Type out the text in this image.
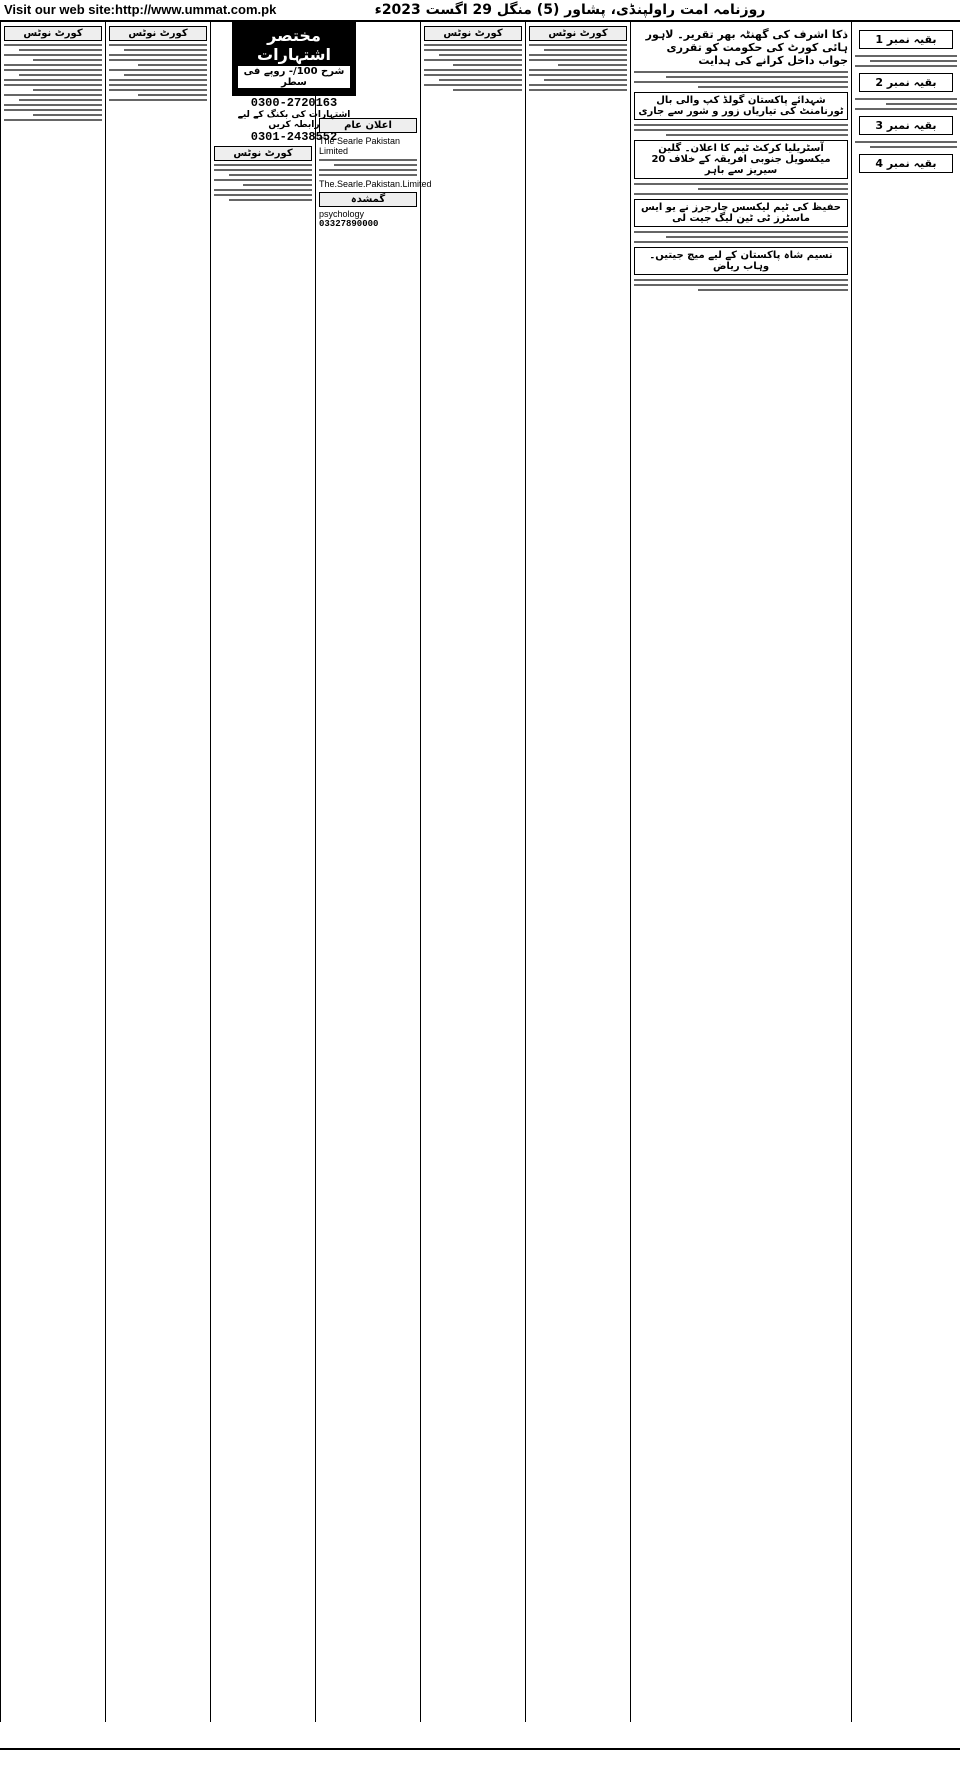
Visit our web site:http://www.ummat.com.pk	روزنامہ امت راولپنڈی، پشاور (5) منگل 29 اگست 2023ء
کورٹ نوٹس	کورٹ نوٹس
کورٹ نوٹس
اعلان عام
The Searle Pakistan Limited
The.Searle.Pakistan.Limited
گمشدہ
psychology
03327890000
کورٹ نوٹس	کورٹ نوٹس	ذکا اشرف کی گھنٹہ بھر تقریر۔ لاہور ہائی کورٹ کی حکومت کو تقرری جواب داخل کرانے کی ہدایت
شہدائے پاکستان گولڈ کپ والی بال ٹورنامنٹ کی تیاریاں زور و شور سے جاری
آسٹریلیا کرکٹ ٹیم کا اعلان۔ گلین میکسویل جنوبی افریقہ کے خلاف 20 سیریز سے باہر
حفیظ کی ٹیم لیکسس چارجرز نے یو ایس ماسٹرز ٹی ٹین لیگ جیت لی
نسیم شاہ پاکستان کے لیے میچ جیتیں۔ وہاب ریاض
بقیہ نمبر 1
بقیہ نمبر 2
بقیہ نمبر 3
بقیہ نمبر 4
مختصر اشتہارات
شرح 100/- روپے فی سطر
0300-2720163
اشتہارات کی بکنگ کے لیے رابطہ کریں
0301-2438552
